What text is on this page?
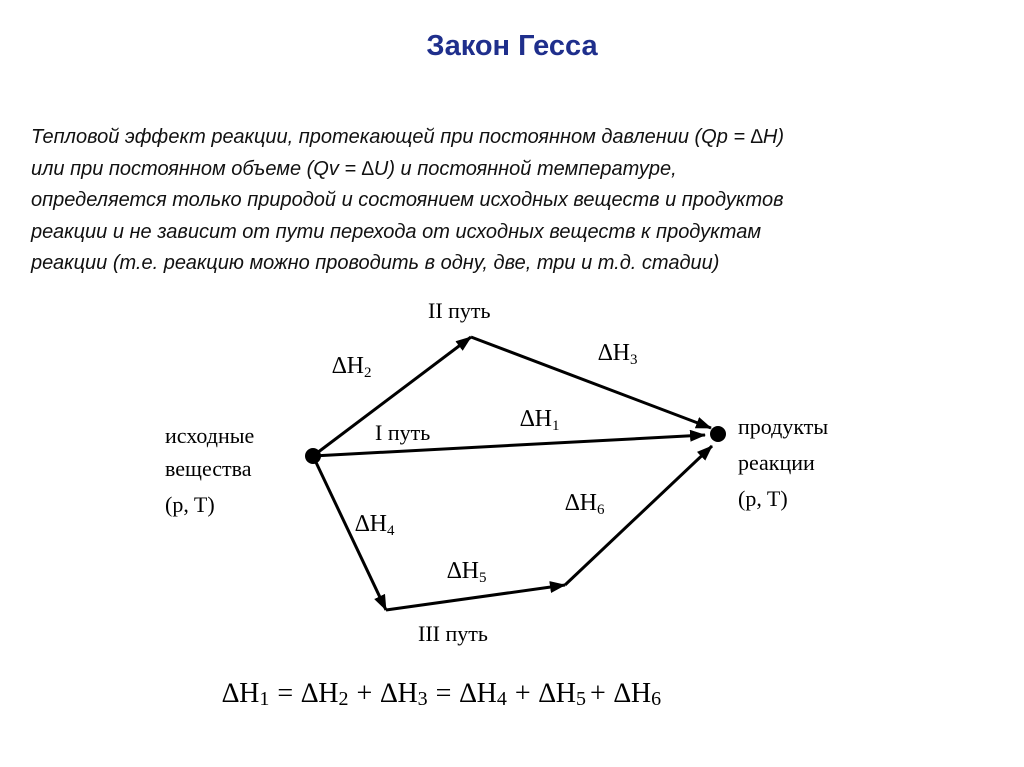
Закон Гесса

Тепловой эффект реакции, протекающей при постоянном давлении (Qp = ∆H)
или при постоянном объеме (Qv = ∆U) и постоянной температуре,
определяется только природой и состоянием исходных веществ и продуктов
реакции и не зависит от пути перехода от исходных веществ к продуктам
реакции (т.е. реакцию можно проводить в одну, две, три и т.д. стадии)

исходные вещества (p, T)
продукты реакции (p, T)
I путь
II путь
III путь
∆H1
∆H2
∆H3
∆H4
∆H5
∆H6
∆H1 = ∆H2 + ∆H3 = ∆H4 + ∆H5 + ∆H6
